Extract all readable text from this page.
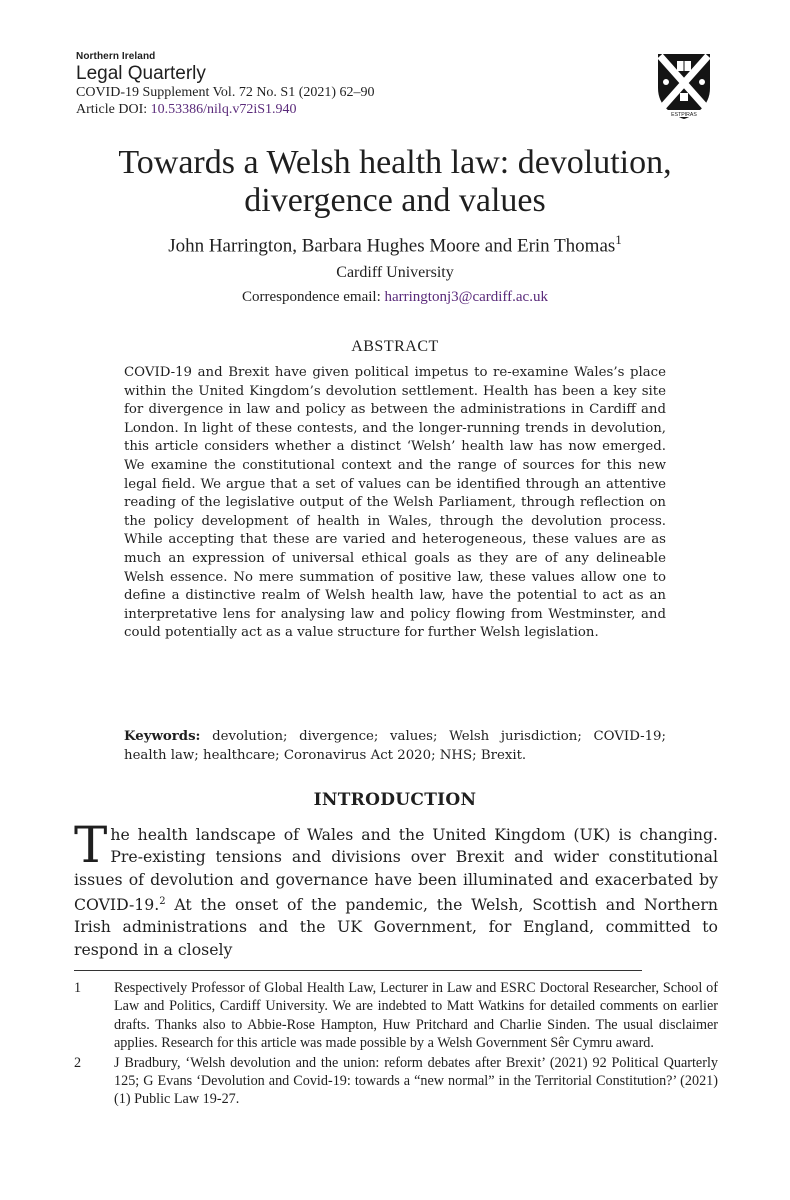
Northern Ireland
Legal Quarterly
COVID-19 Supplement Vol. 72 No. S1 (2021) 62–90
Article DOI: 10.53386/nilq.v72iS1.940	ESTPIRAS
Towards a Welsh health law: devolution,
divergence and values
John Harrington, Barbara Hughes Moore and Erin Thomas$^1$
Cardiff University
Correspondence email: harringtonj3@cardiff.ac.uk
ABSTRACT
COVID-19 and Brexit have given political impetus to re-examine Wales’s place within the United Kingdom’s devolution settlement. Health has been a key site for divergence in law and policy as between the administrations in Cardiff and London. In light of these contests, and the longer-running trends in devolution, this article considers whether a distinct ‘Welsh’ health law has now emerged. We examine the constitutional context and the range of sources for this new legal field. We argue that a set of values can be identified through an attentive reading of the legislative output of the Welsh Parliament, through reflection on the policy development of health in Wales, through the devolution process. While accepting that these are varied and heterogeneous, these values are as much an expression of universal ethical goals as they are of any delineable Welsh essence. No mere summation of positive law, these values allow one to define a distinctive realm of Welsh health law, have the potential to act as an interpretative lens for analysing law and policy flowing from Westminster, and could potentially act as a value structure for further Welsh legislation.
Keywords: devolution; divergence; values; Welsh jurisdiction; COVID-19; health law; healthcare; Coronavirus Act 2020; NHS; Brexit.
INTRODUCTION
The health landscape of Wales and the United Kingdom (UK) is changing. Pre-existing tensions and divisions over Brexit and wider constitutional issues of devolution and governance have been illuminated and exacerbated by COVID-19.$^2$ At the onset of the pandemic, the Welsh, Scottish and Northern Irish administrations and the UK Government, for England, committed to respond in a closely
1	Respectively Professor of Global Health Law, Lecturer in Law and ESRC Doctoral Researcher, School of Law and Politics, Cardiff University. We are indebted to Matt Watkins for detailed comments on earlier drafts. Thanks also to Abbie-Rose Hampton, Huw Pritchard and Charlie Sinden. The usual disclaimer applies. Research for this article was made possible by a Welsh Government Sêr Cymru award.
2	J Bradbury, ‘Welsh devolution and the union: reform debates after Brexit’ (2021) 92 Political Quarterly 125; G Evans ‘Devolution and Covid-19: towards a “new normal” in the Territorial Constitution?’ (2021) (1) Public Law 19-27.
